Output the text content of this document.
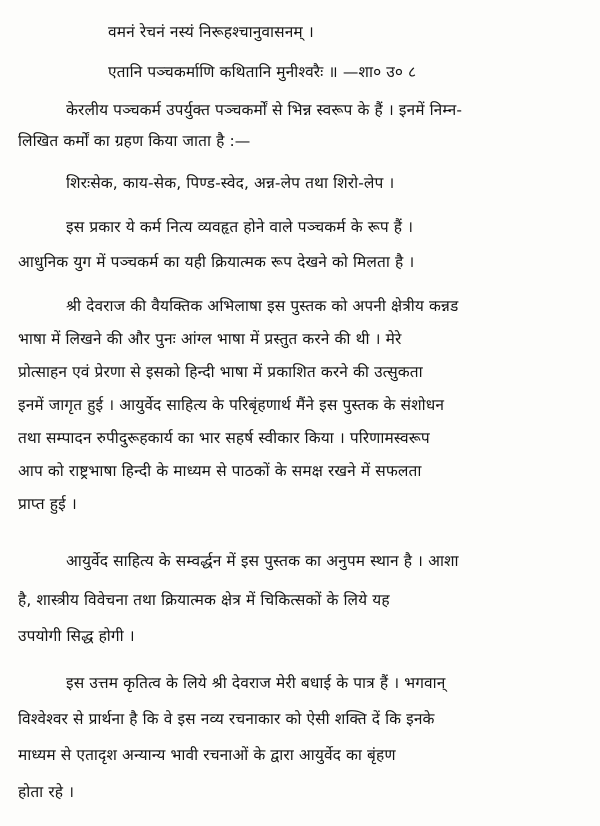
वमनं रेचनं नस्यं निरूहश्चानुवासनम् ।
एतानि पञ्चकर्माणि कथितानि मुनीश्वरैः ॥ —शा० उ० ८
केरलीय पञ्चकर्म उपर्युक्त पञ्चकर्मों से भिन्न स्वरूप के हैं । इनमें निम्न-
लिखित कर्मों का ग्रहण किया जाता है :—
शिरःसेक, काय-सेक, पिण्ड-स्वेद, अन्न-लेप तथा शिरो-लेप ।
इस प्रकार ये कर्म नित्य व्यवहृत होने वाले पञ्चकर्म के रूप हैं ।
आधुनिक युग में पञ्चकर्म का यही क्रियात्मक रूप देखने को मिलता है ।
श्री देवराज की वैयक्तिक अभिलाषा इस पुस्तक को अपनी क्षेत्रीय कन्नड
भाषा में लिखने की और पुनः आंग्ल भाषा में प्रस्तुत करने की थी । मेरे
प्रोत्साहन एवं प्रेरणा से इसको हिन्दी भाषा में प्रकाशित करने की उत्सुकता
इनमें जागृत हुई । आयुर्वेद साहित्य के परिबृंहणार्थ मैंने इस पुस्तक के संशोधन
तथा सम्पादन रुपीदुरूहकार्य का भार सहर्ष स्वीकार किया । परिणामस्वरूप
आप को राष्ट्रभाषा हिन्दी के माध्यम से पाठकों के समक्ष रखने में सफलता
प्राप्त हुई ।
आयुर्वेद साहित्य के सम्वर्द्धन में इस पुस्तक का अनुपम स्थान है । आशा
है, शास्त्रीय विवेचना तथा क्रियात्मक क्षेत्र में चिकित्सकों के लिये यह
उपयोगी सिद्ध होगी ।
इस उत्तम कृतित्व के लिये श्री देवराज मेरी बधाई के पात्र हैं । भगवान्
विश्वेश्वर से प्रार्थना है कि वे इस नव्य रचनाकार को ऐसी शक्ति दें कि इनके
माध्यम से एतादृश अन्यान्य भावी रचनाओं के द्वारा आयुर्वेद का बृंहण
होता रहे ।
